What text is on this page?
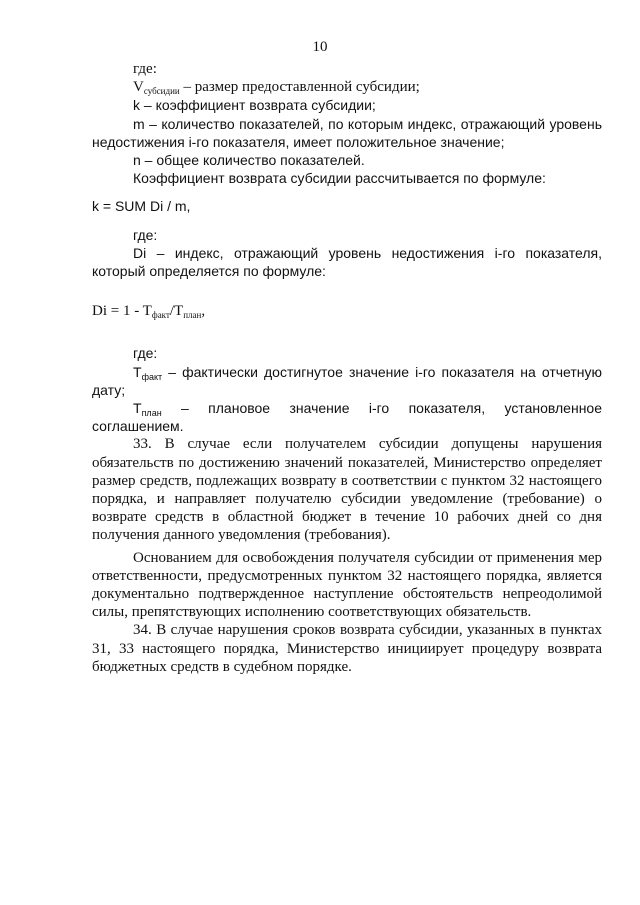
10

где:

$V_{субсидии}$ – размер предоставленной субсидии;

k – коэффициент возврата субсидии;

m – количество показателей, по которым индекс, отражающий уровень недостижения i-го показателя, имеет положительное значение;

n – общее количество показателей.

Коэффициент возврата субсидии рассчитывается по формуле:

k = SUM Di / m,

где:

Di – индекс, отражающий уровень недостижения i-го показателя, который определяется по формуле:

$Di = 1 - T_{факт}/T_{план}$,

где:

$T_{факт}$ – фактически достигнутое значение i-го показателя на отчетную дату;

$T_{план}$ – плановое значение i-го показателя, установленное соглашением.

33. В случае если получателем субсидии допущены нарушения обязательств по достижению значений показателей, Министерство определяет размер средств, подлежащих возврату в соответствии с пунктом 32 настоящего порядка, и направляет получателю субсидии уведомление (требование) о возврате средств в областной бюджет в течение 10 рабочих дней со дня получения данного уведомления (требования).

Основанием для освобождения получателя субсидии от применения мер ответственности, предусмотренных пунктом 32 настоящего порядка, является документально подтвержденное наступление обстоятельств непреодолимой силы, препятствующих исполнению соответствующих обязательств.

34. В случае нарушения сроков возврата субсидии, указанных в пунктах 31, 33 настоящего порядка, Министерство инициирует процедуру возврата бюджетных средств в судебном порядке.
